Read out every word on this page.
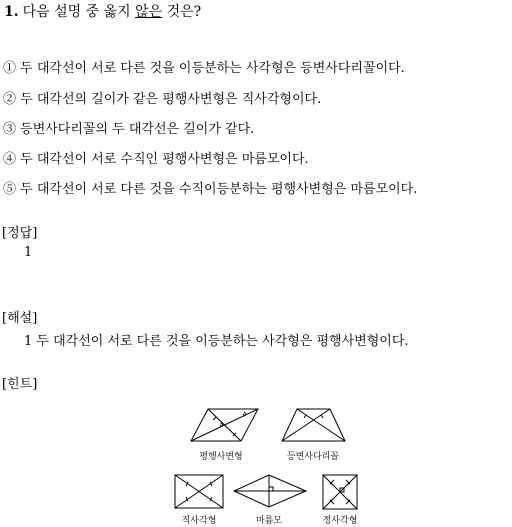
1. 다음 설명 중 옳지 않은 것은?
① 두 대각선이 서로 다른 것을 이등분하는 사각형은 등변사다리꼴이다.
② 두 대각선의 길이가 같은 평행사변형은 직사각형이다.
③ 등변사다리꼴의 두 대각선은 길이가 같다.
④ 두 대각선이 서로 수직인 평행사변형은 마름모이다.
⑤ 두 대각선이 서로 다른 것을 수직이등분하는 평행사변형은 마름모이다.
[정답]
1
[해설]
1 두 대각선이 서로 다른 것을 이등분하는 사각형은 평행사변형이다.
[힌트]
평행사변형	등변사다리꼴
직사각형	마름모	정사각형
